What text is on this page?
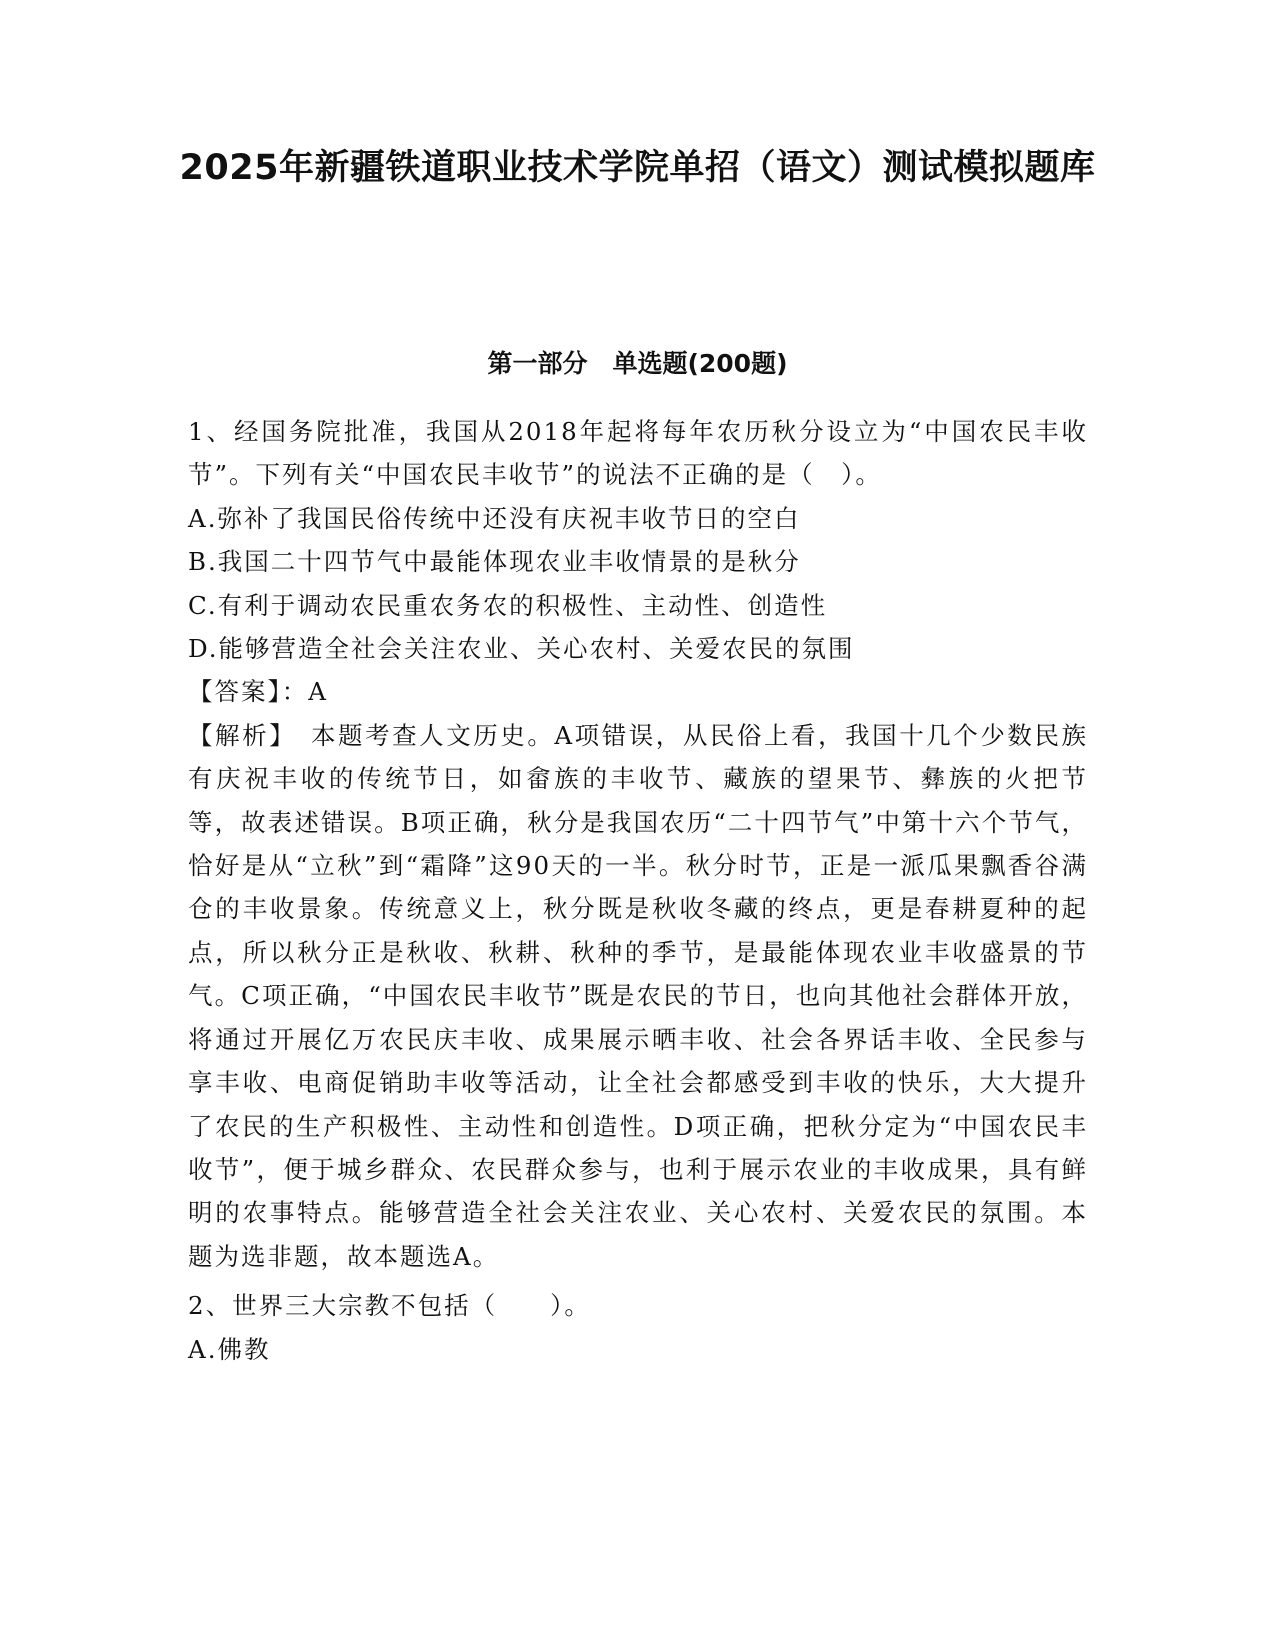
2025年新疆铁道职业技术学院单招（语文）测试模拟题库
第一部分　单选题(200题)

1、经国务院批准，我国从2018年起将每年农历秋分设立为“中国农民丰收节”。下列有关“中国农民丰收节”的说法不正确的是（　）。

A.弥补了我国民俗传统中还没有庆祝丰收节日的空白

B.我国二十四节气中最能体现农业丰收情景的是秋分

C.有利于调动农民重农务农的积极性、主动性、创造性

D.能够营造全社会关注农业、关心农村、关爱农民的氛围

【答案】：A

【解析】　本题考查人文历史。A项错误，从民俗上看，我国十几个少数民族有庆祝丰收的传统节日，如畲族的丰收节、藏族的望果节、彝族的火把节等，故表述错误。B项正确，秋分是我国农历“二十四节气”中第十六个节气，恰好是从“立秋”到“霜降”这90天的一半。秋分时节，正是一派瓜果飘香谷满仓的丰收景象。传统意义上，秋分既是秋收冬藏的终点，更是春耕夏种的起点，所以秋分正是秋收、秋耕、秋种的季节，是最能体现农业丰收盛景的节气。C项正确，“中国农民丰收节”既是农民的节日，也向其他社会群体开放，将通过开展亿万农民庆丰收、成果展示晒丰收、社会各界话丰收、全民参与享丰收、电商促销助丰收等活动，让全社会都感受到丰收的快乐，大大提升了农民的生产积极性、主动性和创造性。D项正确，把秋分定为“中国农民丰收节”，便于城乡群众、农民群众参与，也利于展示农业的丰收成果，具有鲜明的农事特点。能够营造全社会关注农业、关心农村、关爱农民的氛围。本题为选非题，故本题选A。

2、世界三大宗教不包括（　　）。

A.佛教
